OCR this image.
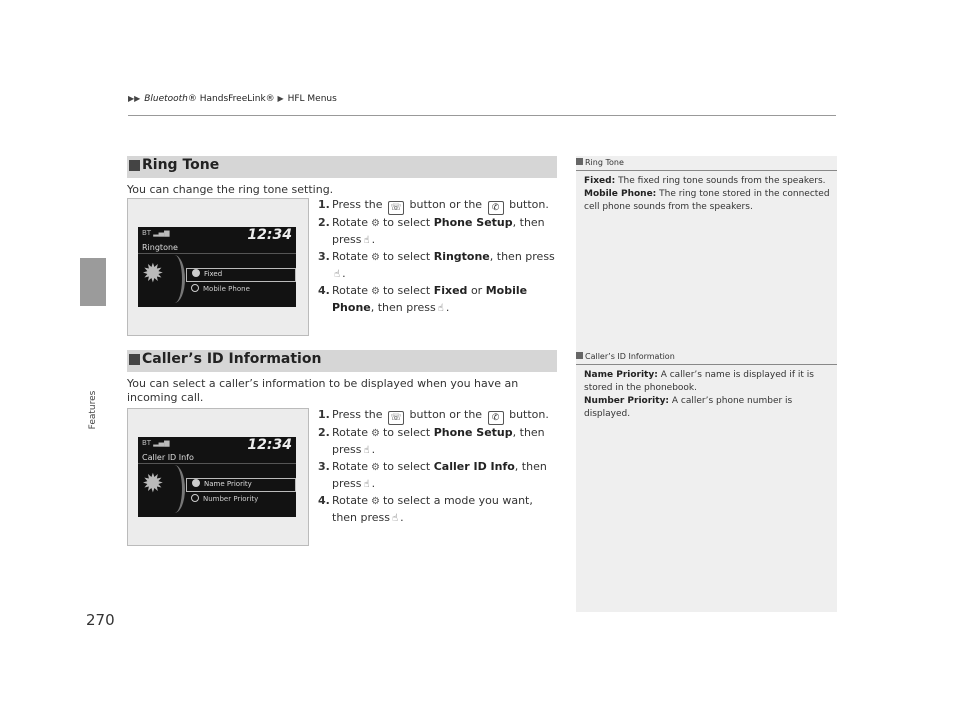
▶▶ Bluetooth® HandsFreeLink® ▶ HFL Menus
Features
270
Ring Tone
You can change the ring tone setting.
BT ▂▄▆	12:34
Ringtone
✹	Fixed
Mobile Phone
1. Press the ☏ button or the ✆ button.
2. Rotate ⚙ to select Phone Setup, then press ☝ .
3. Rotate ⚙ to select Ringtone, then press☝ .
4. Rotate ⚙ to select Fixed or Mobile Phone, then press ☝ .
Ring Tone
Fixed: The fixed ring tone sounds from the speakers.
Mobile Phone: The ring tone stored in the connected cell phone sounds from the speakers.
Caller’s ID Information
You can select a caller’s information to be displayed when you have an incoming call.
BT ▂▄▆	12:34
Caller ID Info
✹	Name Priority
Number Priority
1. Press the ☏ button or the ✆ button.
2. Rotate ⚙ to select Phone Setup, then press ☝ .
3. Rotate ⚙ to select Caller ID Info, then press ☝ .
4. Rotate ⚙ to select a mode you want, then press ☝ .
Caller’s ID Information
Name Priority: A caller’s name is displayed if it is stored in the phonebook.
Number Priority: A caller’s phone number is displayed.
